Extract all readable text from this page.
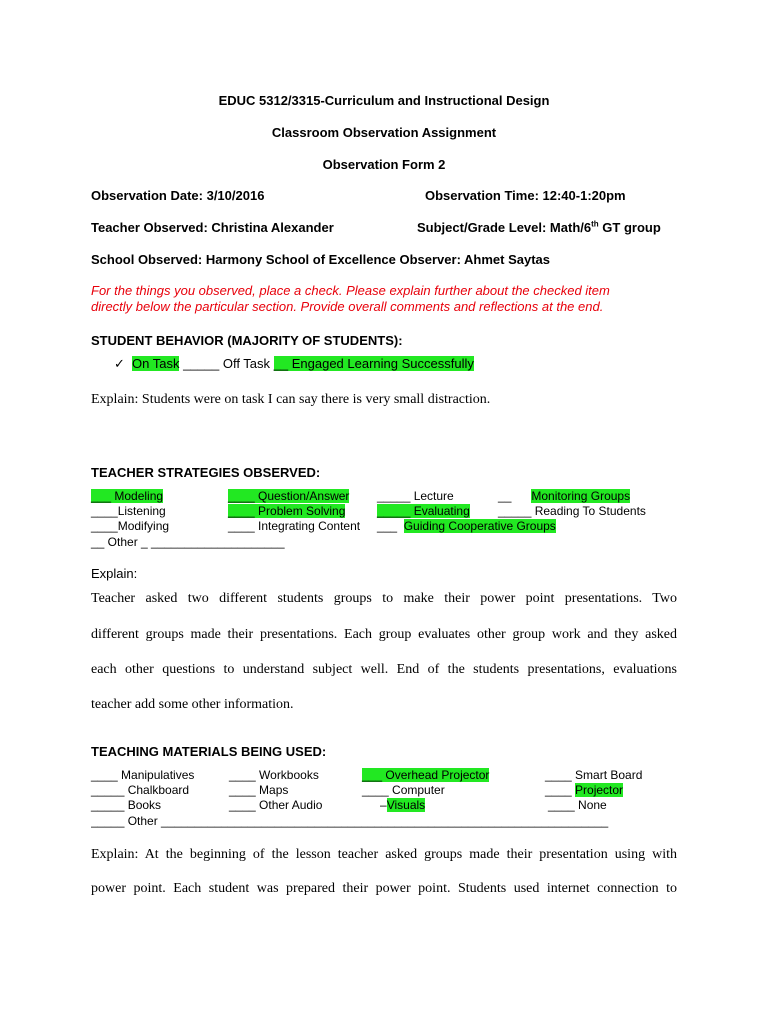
EDUC 5312/3315-Curriculum and Instructional Design
Classroom Observation Assignment
Observation Form 2
Observation Date: 3/10/2016	Observation Time: 12:40-1:20pm
Teacher Observed: Christina Alexander	Subject/Grade Level: Math/6th GT group
School Observed: Harmony School of Excellence Observer: Ahmet Saytas
For the things you observed, place a check. Please explain further about the checked item
directly below the particular section. Provide overall comments and reflections at the end.
STUDENT BEHAVIOR (MAJORITY OF STUDENTS):
✓ On Task _____ Off Task __ Engaged Learning Successfully
Explain: Students were on task I can say there is very small distraction.
TEACHER STRATEGIES OBSERVED:
___ Modeling	____ Question/Answer _____ Lecture	__      Monitoring Groups
____Listening	____ Problem Solving	_____ Evaluating _____ Reading To Students
____Modifying	____ Integrating Content ___ Guiding Cooperative Groups
__ Other _ ____________________
Explain:
Teacher asked two different students groups to make their power point presentations. Two
different groups made their presentations. Each group evaluates other group work and they asked
each other questions to understand subject well. End of the students presentations, evaluations
teacher add some other information.
TEACHING MATERIALS BEING USED:
____ Manipulatives	____ Workbooks	___ Overhead Projector	____ Smart Board
_____ Chalkboard	____ Maps	____ Computer	____ Projector
_____ Books	____ Other Audio	–Visuals	____ None
_____ Other ___________________________________________________________________
Explain: At the beginning of the lesson teacher asked groups made their presentation using with
power point. Each student was prepared their power point. Students used internet connection to
